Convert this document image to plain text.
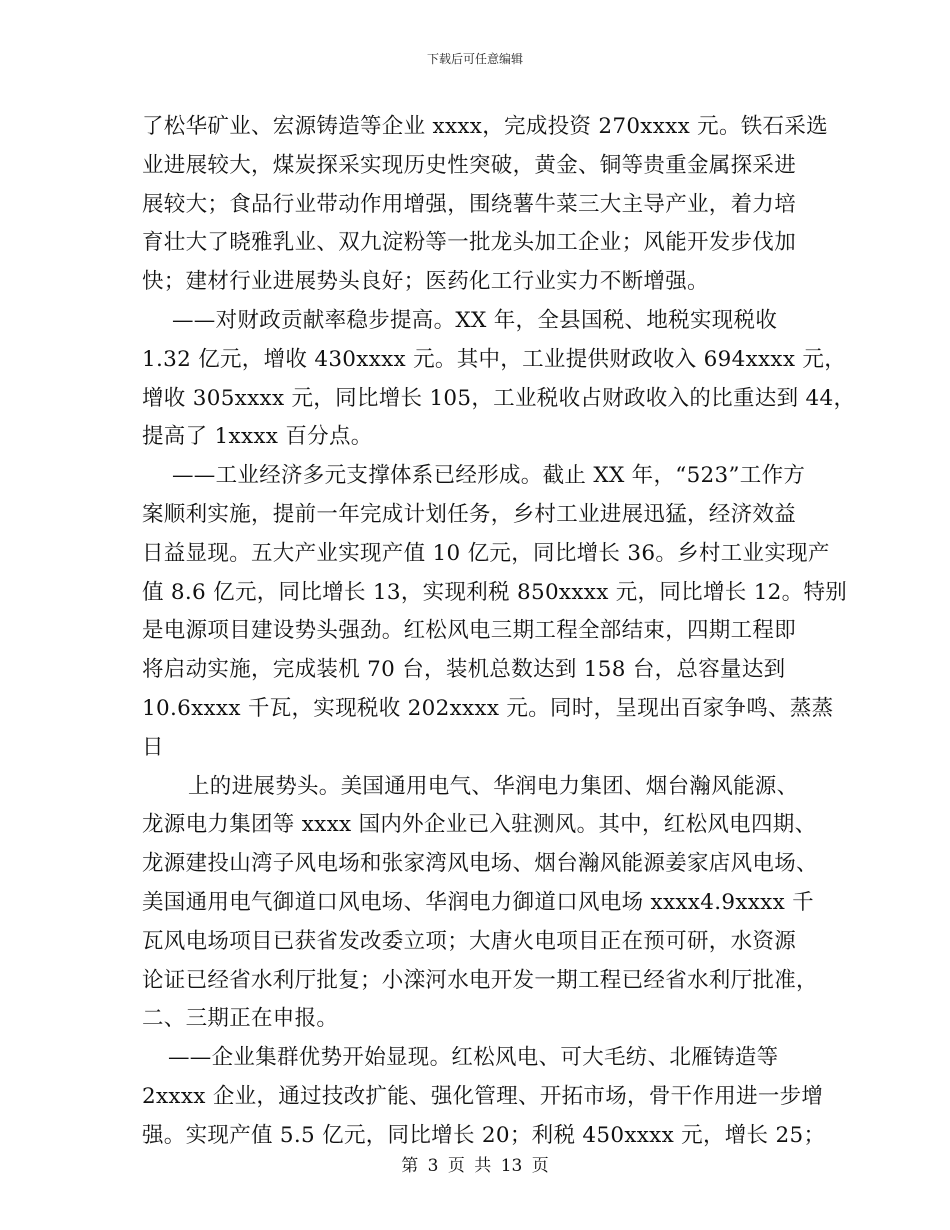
下载后可任意编辑
了松华矿业、宏源铸造等企业 xxxx，完成投资 270xxxx 元。铁石采选
业进展较大，煤炭探采实现历史性突破，黄金、铜等贵重金属探采进
展较大；食品行业带动作用增强，围绕薯牛菜三大主导产业，着力培
育壮大了晓雅乳业、双九淀粉等一批龙头加工企业；风能开发步伐加
快；建材行业进展势头良好；医药化工行业实力不断增强。
——对财政贡献率稳步提高。XX 年，全县国税、地税实现税收
1.32 亿元，增收 430xxxx 元。其中，工业提供财政收入 694xxxx 元，
增收 305xxxx 元，同比增长 105，工业税收占财政收入的比重达到 44，
提高了 1xxxx 百分点。
——工业经济多元支撑体系已经形成。截止 XX 年，“523”工作方
案顺利实施，提前一年完成计划任务，乡村工业进展迅猛，经济效益
日益显现。五大产业实现产值 10 亿元，同比增长 36。乡村工业实现产
值 8.6 亿元，同比增长 13，实现利税 850xxxx 元，同比增长 12。特别
是电源项目建设势头强劲。红松风电三期工程全部结束，四期工程即
将启动实施，完成装机 70 台，装机总数达到 158 台，总容量达到
10.6xxxx 千瓦，实现税收 202xxxx 元。同时，呈现出百家争鸣、蒸蒸
日
上的进展势头。美国通用电气、华润电力集团、烟台瀚风能源、
龙源电力集团等 xxxx 国内外企业已入驻测风。其中，红松风电四期、
龙源建投山湾子风电场和张家湾风电场、烟台瀚风能源姜家店风电场、
美国通用电气御道口风电场、华润电力御道口风电场 xxxx4.9xxxx 千
瓦风电场项目已获省发改委立项；大唐火电项目正在预可研，水资源
论证已经省水利厅批复；小滦河水电开发一期工程已经省水利厅批准，
二、三期正在申报。
——企业集群优势开始显现。红松风电、可大毛纺、北雁铸造等
2xxxx 企业，通过技改扩能、强化管理、开拓市场，骨干作用进一步增
强。实现产值 5.5 亿元，同比增长 20；利税 450xxxx 元，增长 25；
第 3 页 共 13 页
